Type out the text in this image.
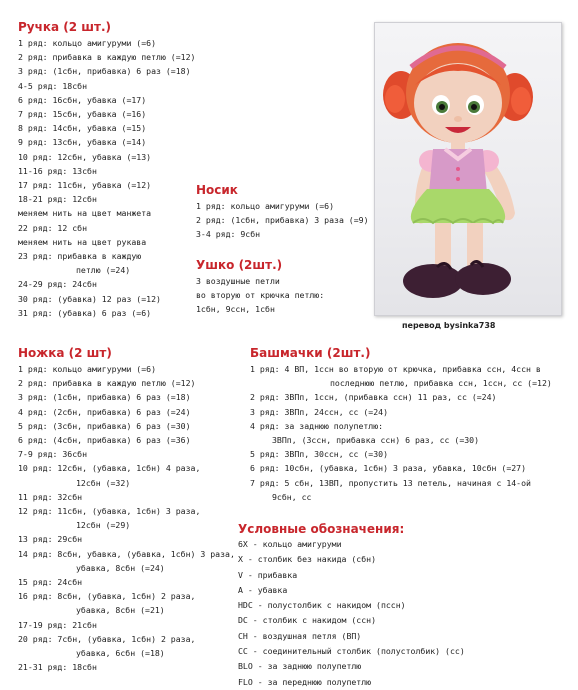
Ручка (2 шт.)
1 ряд: кольцо амигуруми (=6)
2 ряд: прибавка в каждую петлю (=12)
3 ряд: (1сбн, прибавка) 6 раз (=18)
4-5 ряд: 18сбн
6 ряд: 16сбн, убавка (=17)
7 ряд: 15сбн, убавка (=16)
8 ряд: 14сбн, убавка (=15)
9 ряд: 13сбн, убавка (=14)
10 ряд: 12сбн, убавка (=13)
11-16 ряд: 13сбн
17 ряд: 11сбн, убавка (=12)
18-21 ряд: 12сбн
меняем нить на цвет манжета
22 ряд: 12 сбн
меняем нить на цвет рукава
23 ряд: прибавка в каждую
петлю (=24)
24-29 ряд: 24сбн
30 ряд: (убавка) 12 раз (=12)
31 ряд: (убавка) 6 раз (=6)
Носик
1 ряд: кольцо амигуруми (=6)
2 ряд: (1сбн, прибавка) 3 раза (=9)
3-4 ряд: 9сбн
Ушко (2шт.)
3 воздушные петли
во вторую от крючка петлю:
1сбн, 9ссн, 1сбн
перевод bysinka738
Ножка (2 шт)
1 ряд: кольцо амигуруми (=6)
2 ряд: прибавка в каждую петлю (=12)
3 ряд: (1сбн, прибавка) 6 раз (=18)
4 ряд: (2сбн, прибавка) 6 раз (=24)
5 ряд: (3сбн, прибавка) 6 раз (=30)
6 ряд: (4сбн, прибавка) 6 раз (=36)
7-9 ряд: 36сбн
10 ряд: 12сбн, (убавка, 1сбн) 4 раза,
12сбн (=32)
11 ряд: 32сбн
12 ряд: 11сбн, (убавка, 1сбн) 3 раза,
12сбн (=29)
13 ряд: 29сбн
14 ряд: 8сбн, убавка, (убавка, 1сбн) 3 раза,
убавка, 8сбн (=24)
15 ряд: 24сбн
16 ряд: 8сбн, (убавка, 1сбн) 2 раза,
убавка, 8сбн (=21)
17-19 ряд: 21сбн
20 ряд: 7сбн, (убавка, 1сбн) 2 раза,
убавка, 6сбн (=18)
21-31 ряд: 18сбн
Башмачки (2шт.)
1 ряд: 4 ВП, 1ссн во вторую от крючка, прибавка ссн, 4ссн в
последнюю петлю, прибавка ссн, 1ссн, сс (=12)
2 ряд: 3ВПп, 1ссн, (прибавка ссн) 11 раз, сс (=24)
3 ряд: 3ВПп, 24ссн, сс (=24)
4 ряд: за заднюю полупетлю:
3ВПп, (3ссн, прибавка ссн) 6 раз, сс (=30)
5 ряд: 3ВПп, 30ссн, сс (=30)
6 ряд: 10сбн, (убавка, 1сбн) 3 раза, убавка, 10сбн (=27)
7 ряд: 5 сбн, 13ВП, пропустить 13 петель, начиная с 14-ой
9сбн, сс
Условные обозначения:
6X - кольцо амигуруми
X - столбик без накида (сбн)
V - прибавка
A - убавка
HDC - полустолбик с накидом (пссн)
DC - столбик с накидом (ссн)
CH - воздушная петля (ВП)
CC - соединительный столбик (полустолбик) (сс)
BLO - за заднюю полупетлю
FLO - за переднюю полупетлю
